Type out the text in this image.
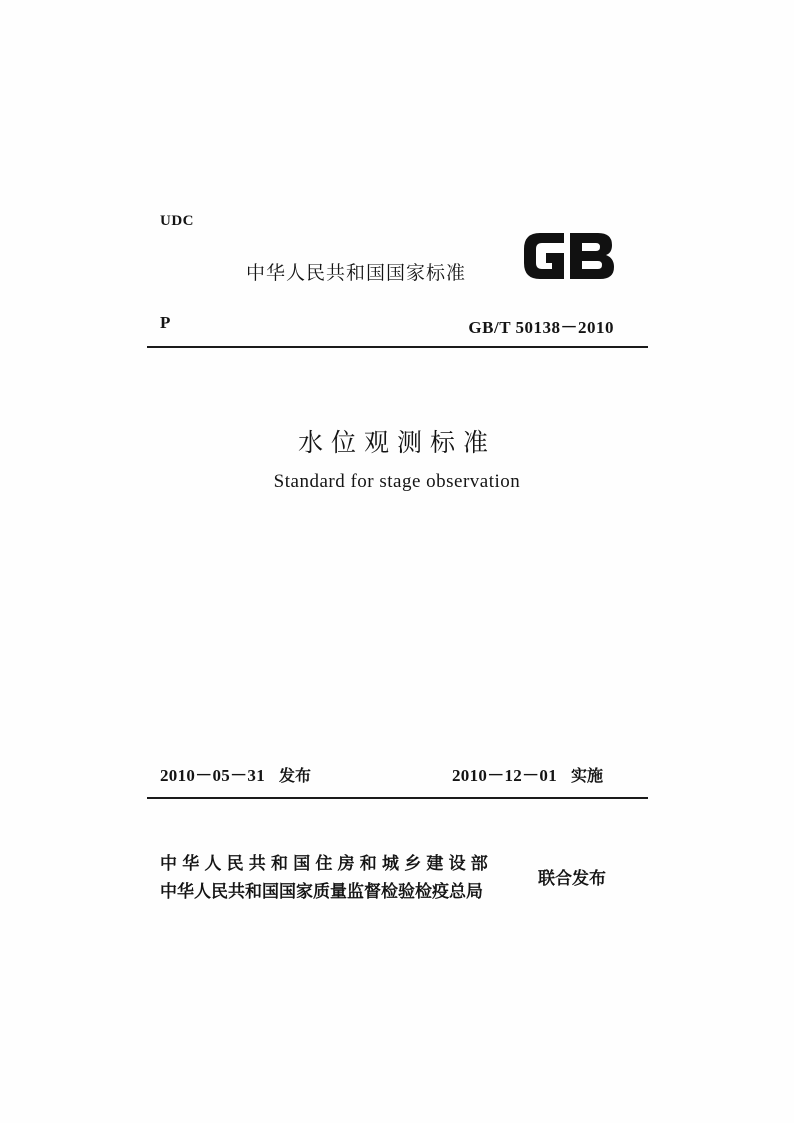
UDC
中华人民共和国国家标准
P	GB/T 50138－2010
水位观测标准
Standard for stage observation
2010－05－31 发布	2010－12－01 实施
中华人民共和国住房和城乡建设部
中华人民共和国国家质量监督检验检疫总局
联合发布
